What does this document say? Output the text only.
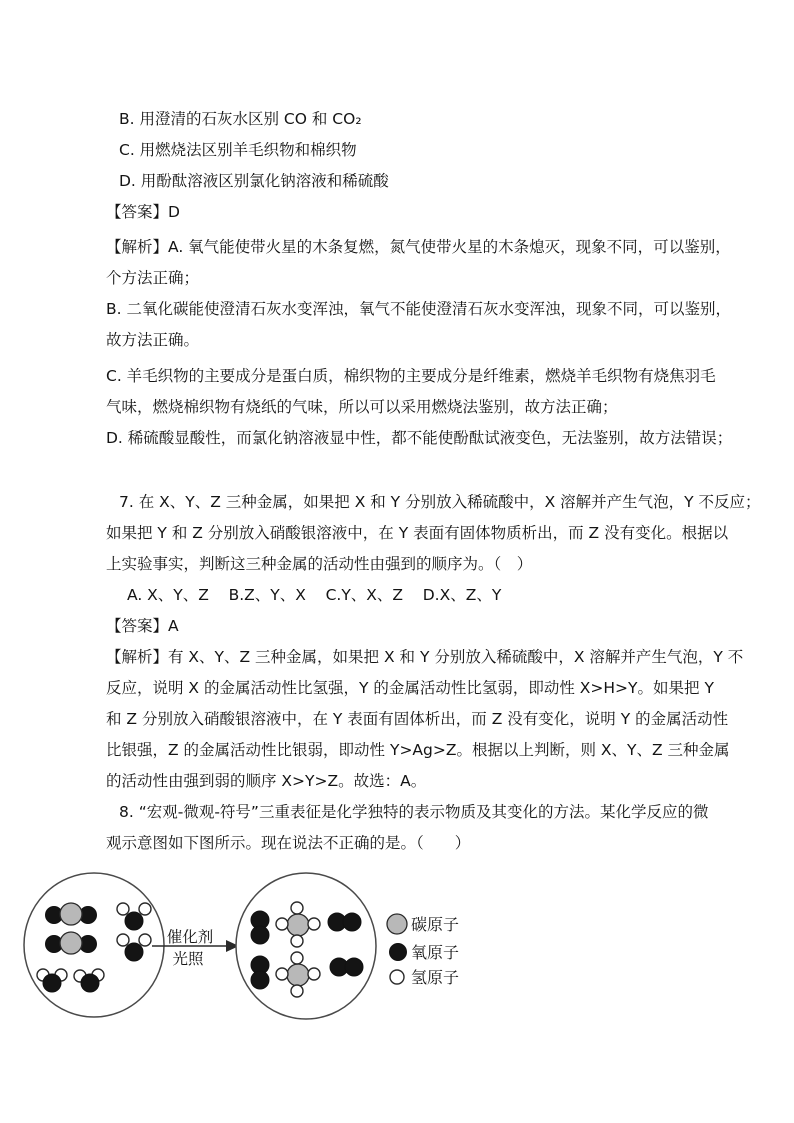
B. 用澄清的石灰水区别 CO 和 CO₂
C. 用燃烧法区别羊毛织物和棉织物
D. 用酚酞溶液区别氯化钠溶液和稀硫酸
【答案】D
【解析】A. 氧气能使带火星的木条复燃，氮气使带火星的木条熄灭，现象不同，可以鉴别，
个方法正确；
B. 二氧化碳能使澄清石灰水变浑浊，氧气不能使澄清石灰水变浑浊，现象不同，可以鉴别，
故方法正确。
C. 羊毛织物的主要成分是蛋白质，棉织物的主要成分是纤维素，燃烧羊毛织物有烧焦羽毛
气味，燃烧棉织物有烧纸的气味，所以可以采用燃烧法鉴别，故方法正确；
D. 稀硫酸显酸性，而氯化钠溶液显中性，都不能使酚酞试液变色，无法鉴别，故方法错误；
7. 在 X、Y、Z 三种金属，如果把 X 和 Y 分别放入稀硫酸中，X 溶解并产生气泡，Y 不反应；
如果把 Y 和 Z 分别放入硝酸银溶液中，在 Y 表面有固体物质析出，而 Z 没有变化。根据以
上实验事实，判断这三种金属的活动性由强到的顺序为。（　）
A. X、Y、Z    B.Z、Y、X    C.Y、X、Z    D.X、Z、Y
【答案】A
【解析】有 X、Y、Z 三种金属，如果把 X 和 Y 分别放入稀硫酸中，X 溶解并产生气泡，Y 不
反应，说明 X 的金属活动性比氢强，Y 的金属活动性比氢弱，即动性 X>H>Y。如果把 Y
和 Z 分别放入硝酸银溶液中，在 Y 表面有固体析出，而 Z 没有变化，说明 Y 的金属活动性
比银强，Z 的金属活动性比银弱，即动性 Y>Ag>Z。根据以上判断，则 X、Y、Z 三种金属
的活动性由强到弱的顺序 X>Y>Z。故选：A。
8. “宏观-微观-符号”三重表征是化学独特的表示物质及其变化的方法。某化学反应的微
观示意图如下图所示。现在说法不正确的是。（　　）
催化剂
光照
碳原子
氧原子
氢原子
